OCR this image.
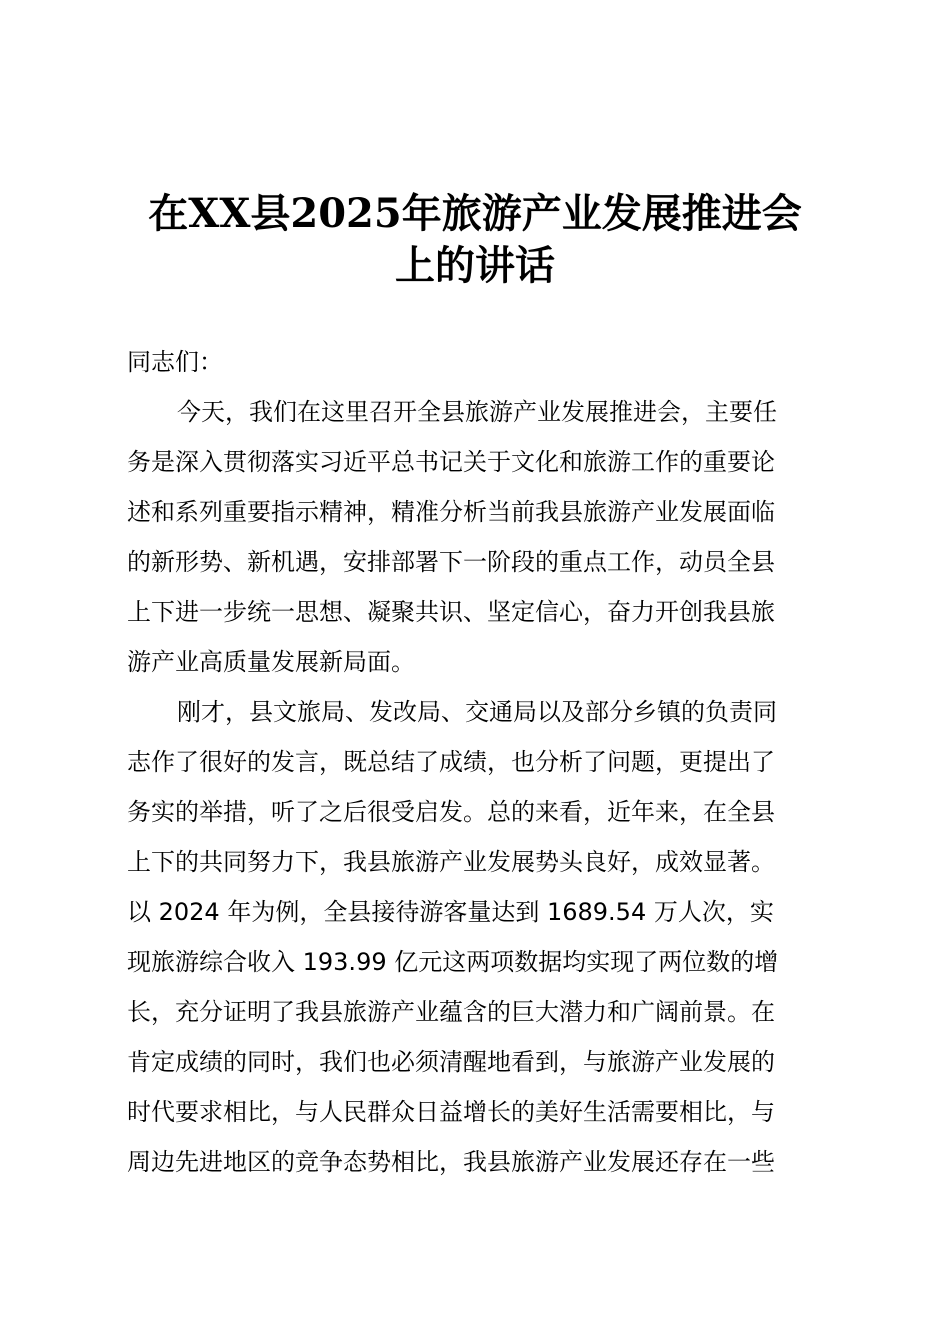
在XX县2025年旅游产业发展推进会
上的讲话

同志们：

今天，我们在这里召开全县旅游产业发展推进会，主要任
务是深入贯彻落实习近平总书记关于文化和旅游工作的重要论
述和系列重要指示精神，精准分析当前我县旅游产业发展面临
的新形势、新机遇，安排部署下一阶段的重点工作，动员全县
上下进一步统一思想、凝聚共识、坚定信心，奋力开创我县旅
游产业高质量发展新局面。
刚才，县文旅局、发改局、交通局以及部分乡镇的负责同
志作了很好的发言，既总结了成绩，也分析了问题，更提出了
务实的举措，听了之后很受启发。总的来看，近年来，在全县
上下的共同努力下，我县旅游产业发展势头良好，成效显著。
以 2024 年为例，全县接待游客量达到 1689.54 万人次，实
现旅游综合收入 193.99 亿元这两项数据均实现了两位数的增
长，充分证明了我县旅游产业蕴含的巨大潜力和广阔前景。在
肯定成绩的同时，我们也必须清醒地看到，与旅游产业发展的
时代要求相比，与人民群众日益增长的美好生活需要相比，与
周边先进地区的竞争态势相比，我县旅游产业发展还存在一些
